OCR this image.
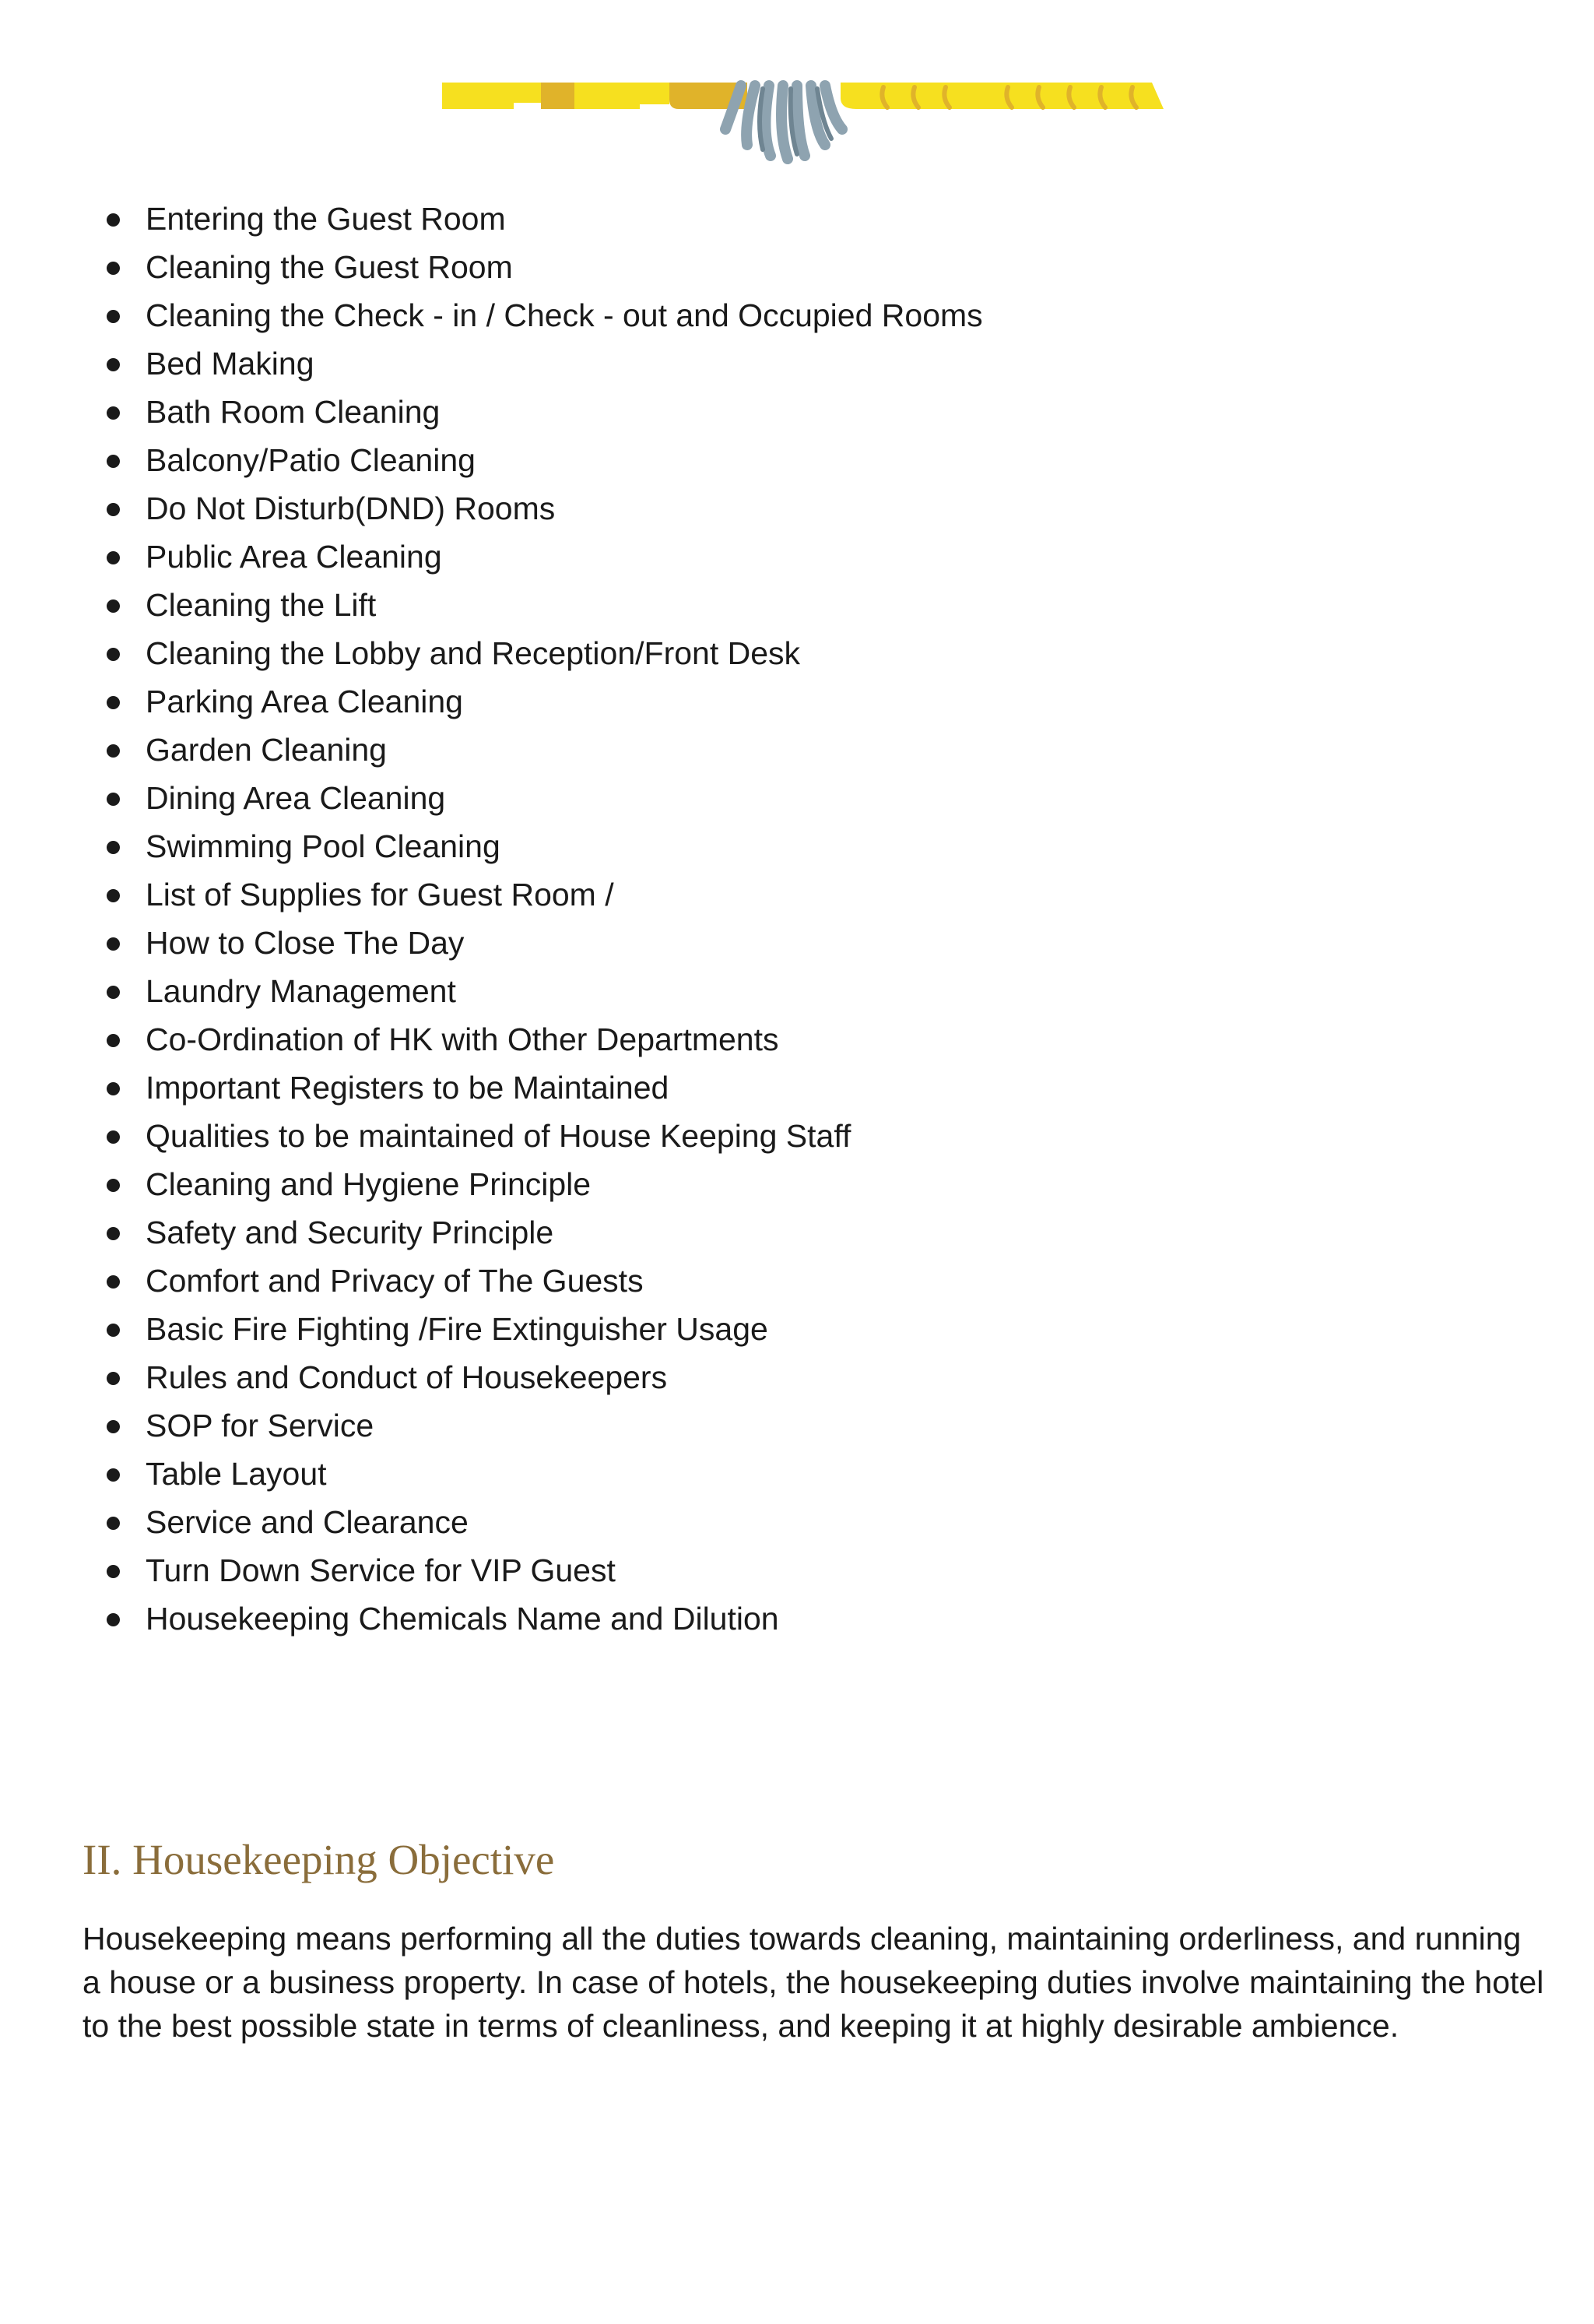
Entering the Guest Room
Cleaning the Guest Room
Cleaning the Check - in / Check - out and Occupied Rooms
Bed Making
Bath Room Cleaning
Balcony/Patio Cleaning
Do Not Disturb(DND) Rooms
Public Area Cleaning
Cleaning the Lift
Cleaning the Lobby and Reception/Front Desk
Parking Area Cleaning
Garden Cleaning
Dining Area Cleaning
Swimming Pool Cleaning
List of Supplies for Guest Room /
How to Close The Day
Laundry Management
Co-Ordination of HK with Other Departments
Important Registers to be Maintained
Qualities to be maintained of House Keeping Staff
Cleaning and Hygiene Principle
Safety and Security Principle
Comfort and Privacy of The Guests
Basic Fire Fighting /Fire Extinguisher Usage
Rules and Conduct of Housekeepers
SOP for Service
Table Layout
Service and Clearance
Turn Down Service for VIP Guest
Housekeeping Chemicals Name and Dilution
II. Housekeeping Objective

Housekeeping means performing all the duties towards cleaning, maintaining orderliness, and running a house or a business property. In case of hotels, the housekeeping duties involve maintaining the hotel to the best possible state in terms of cleanliness, and keeping it at highly desirable ambience.
